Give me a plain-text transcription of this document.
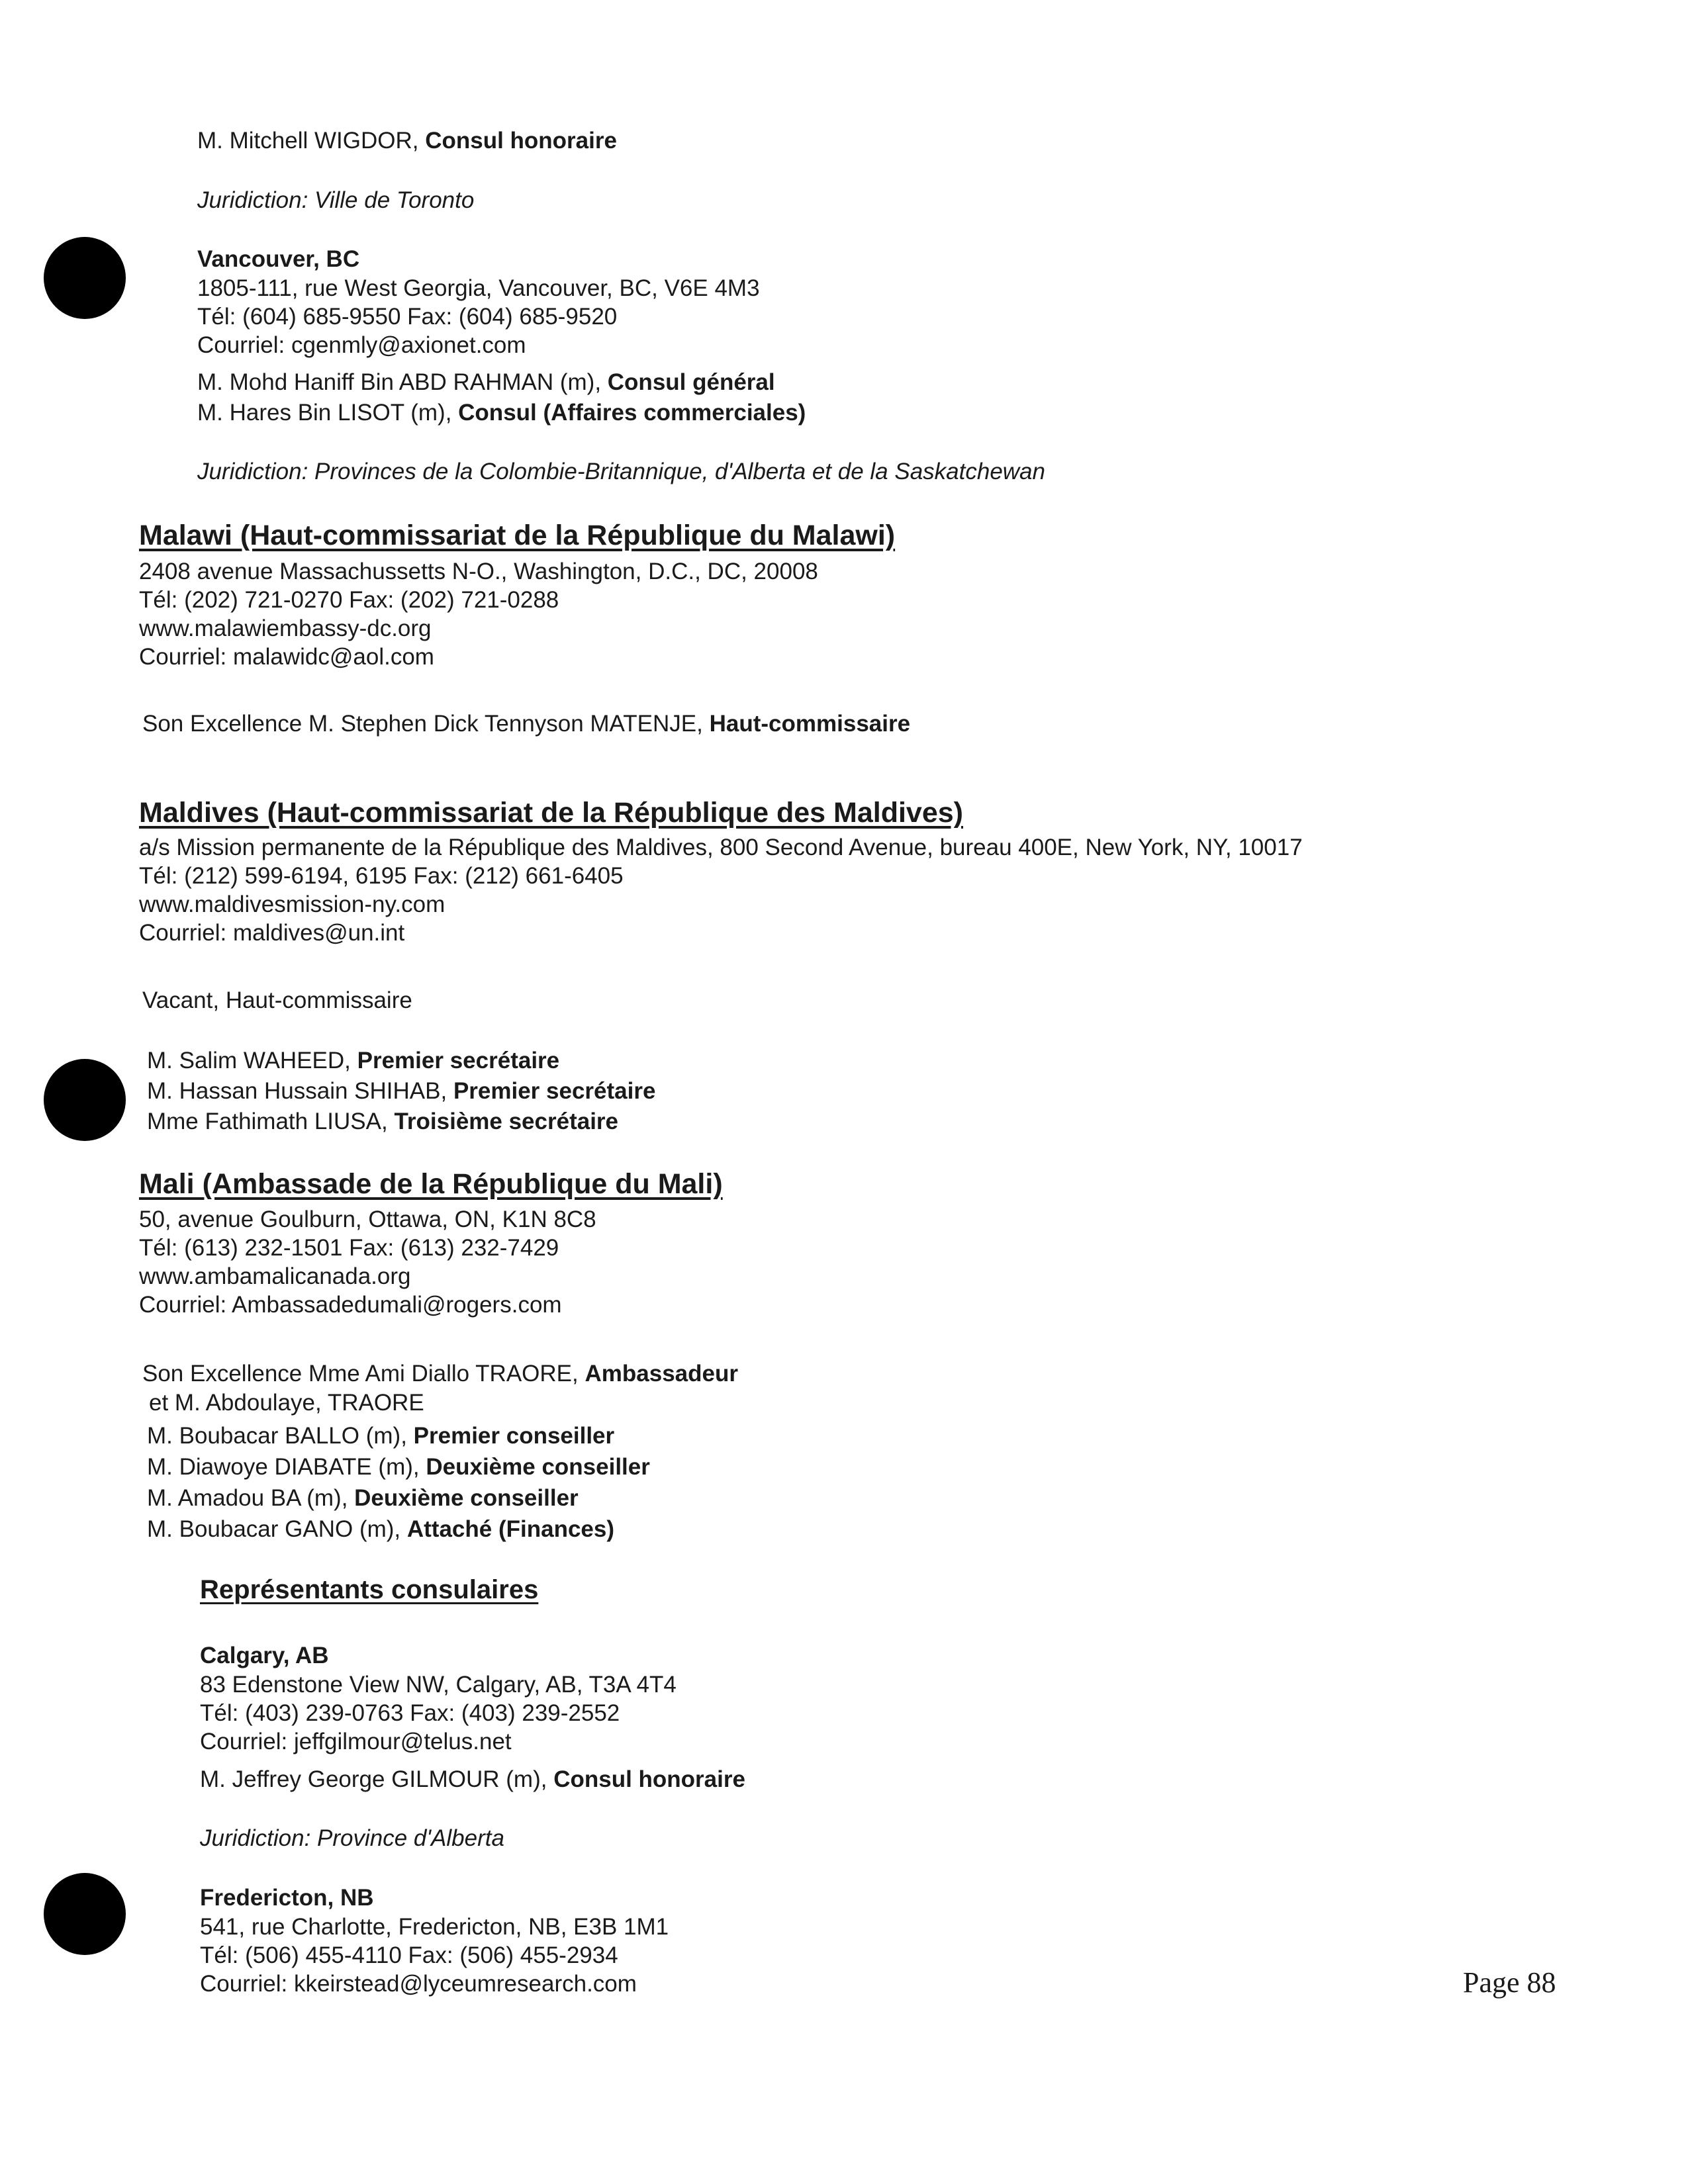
M. Mitchell WIGDOR, Consul honoraire
Juridiction: Ville de Toronto
Vancouver, BC
1805-111, rue West Georgia, Vancouver, BC, V6E 4M3
Tél: (604) 685-9550 Fax: (604) 685-9520
Courriel: cgenmly@axionet.com
M. Mohd Haniff Bin ABD RAHMAN (m), Consul général
M. Hares Bin LISOT (m), Consul (Affaires commerciales)
Juridiction: Provinces de la Colombie-Britannique, d'Alberta et de la Saskatchewan
Malawi (Haut-commissariat de la République du Malawi)
2408 avenue Massachussetts N-O., Washington, D.C., DC, 20008
Tél: (202) 721-0270 Fax: (202) 721-0288
www.malawiembassy-dc.org
Courriel: malawidc@aol.com
Son Excellence M. Stephen Dick Tennyson MATENJE, Haut-commissaire
Maldives (Haut-commissariat de la République des Maldives)
a/s Mission permanente de la République des Maldives, 800 Second Avenue, bureau 400E, New York, NY, 10017
Tél: (212) 599-6194, 6195 Fax: (212) 661-6405
www.maldivesmission-ny.com
Courriel: maldives@un.int
Vacant, Haut-commissaire
M. Salim WAHEED, Premier secrétaire
M. Hassan Hussain SHIHAB, Premier secrétaire
Mme Fathimath LIUSA, Troisième secrétaire
Mali (Ambassade de la République du Mali)
50, avenue Goulburn, Ottawa, ON, K1N 8C8
Tél: (613) 232-1501 Fax: (613) 232-7429
www.ambamalicanada.org
Courriel: Ambassadedumali@rogers.com
Son Excellence Mme Ami Diallo TRAORE, Ambassadeur
et M. Abdoulaye, TRAORE
M. Boubacar BALLO (m), Premier conseiller
M. Diawoye DIABATE (m), Deuxième conseiller
M. Amadou BA (m), Deuxième conseiller
M. Boubacar GANO (m), Attaché (Finances)
Représentants consulaires
Calgary, AB
83 Edenstone View NW, Calgary, AB, T3A 4T4
Tél: (403) 239-0763 Fax: (403) 239-2552
Courriel: jeffgilmour@telus.net
M. Jeffrey George GILMOUR (m), Consul honoraire
Juridiction: Province d'Alberta
Fredericton, NB
541, rue Charlotte, Fredericton, NB, E3B 1M1
Tél: (506) 455-4110 Fax: (506) 455-2934
Courriel: kkeirstead@lyceumresearch.com	Page 88
